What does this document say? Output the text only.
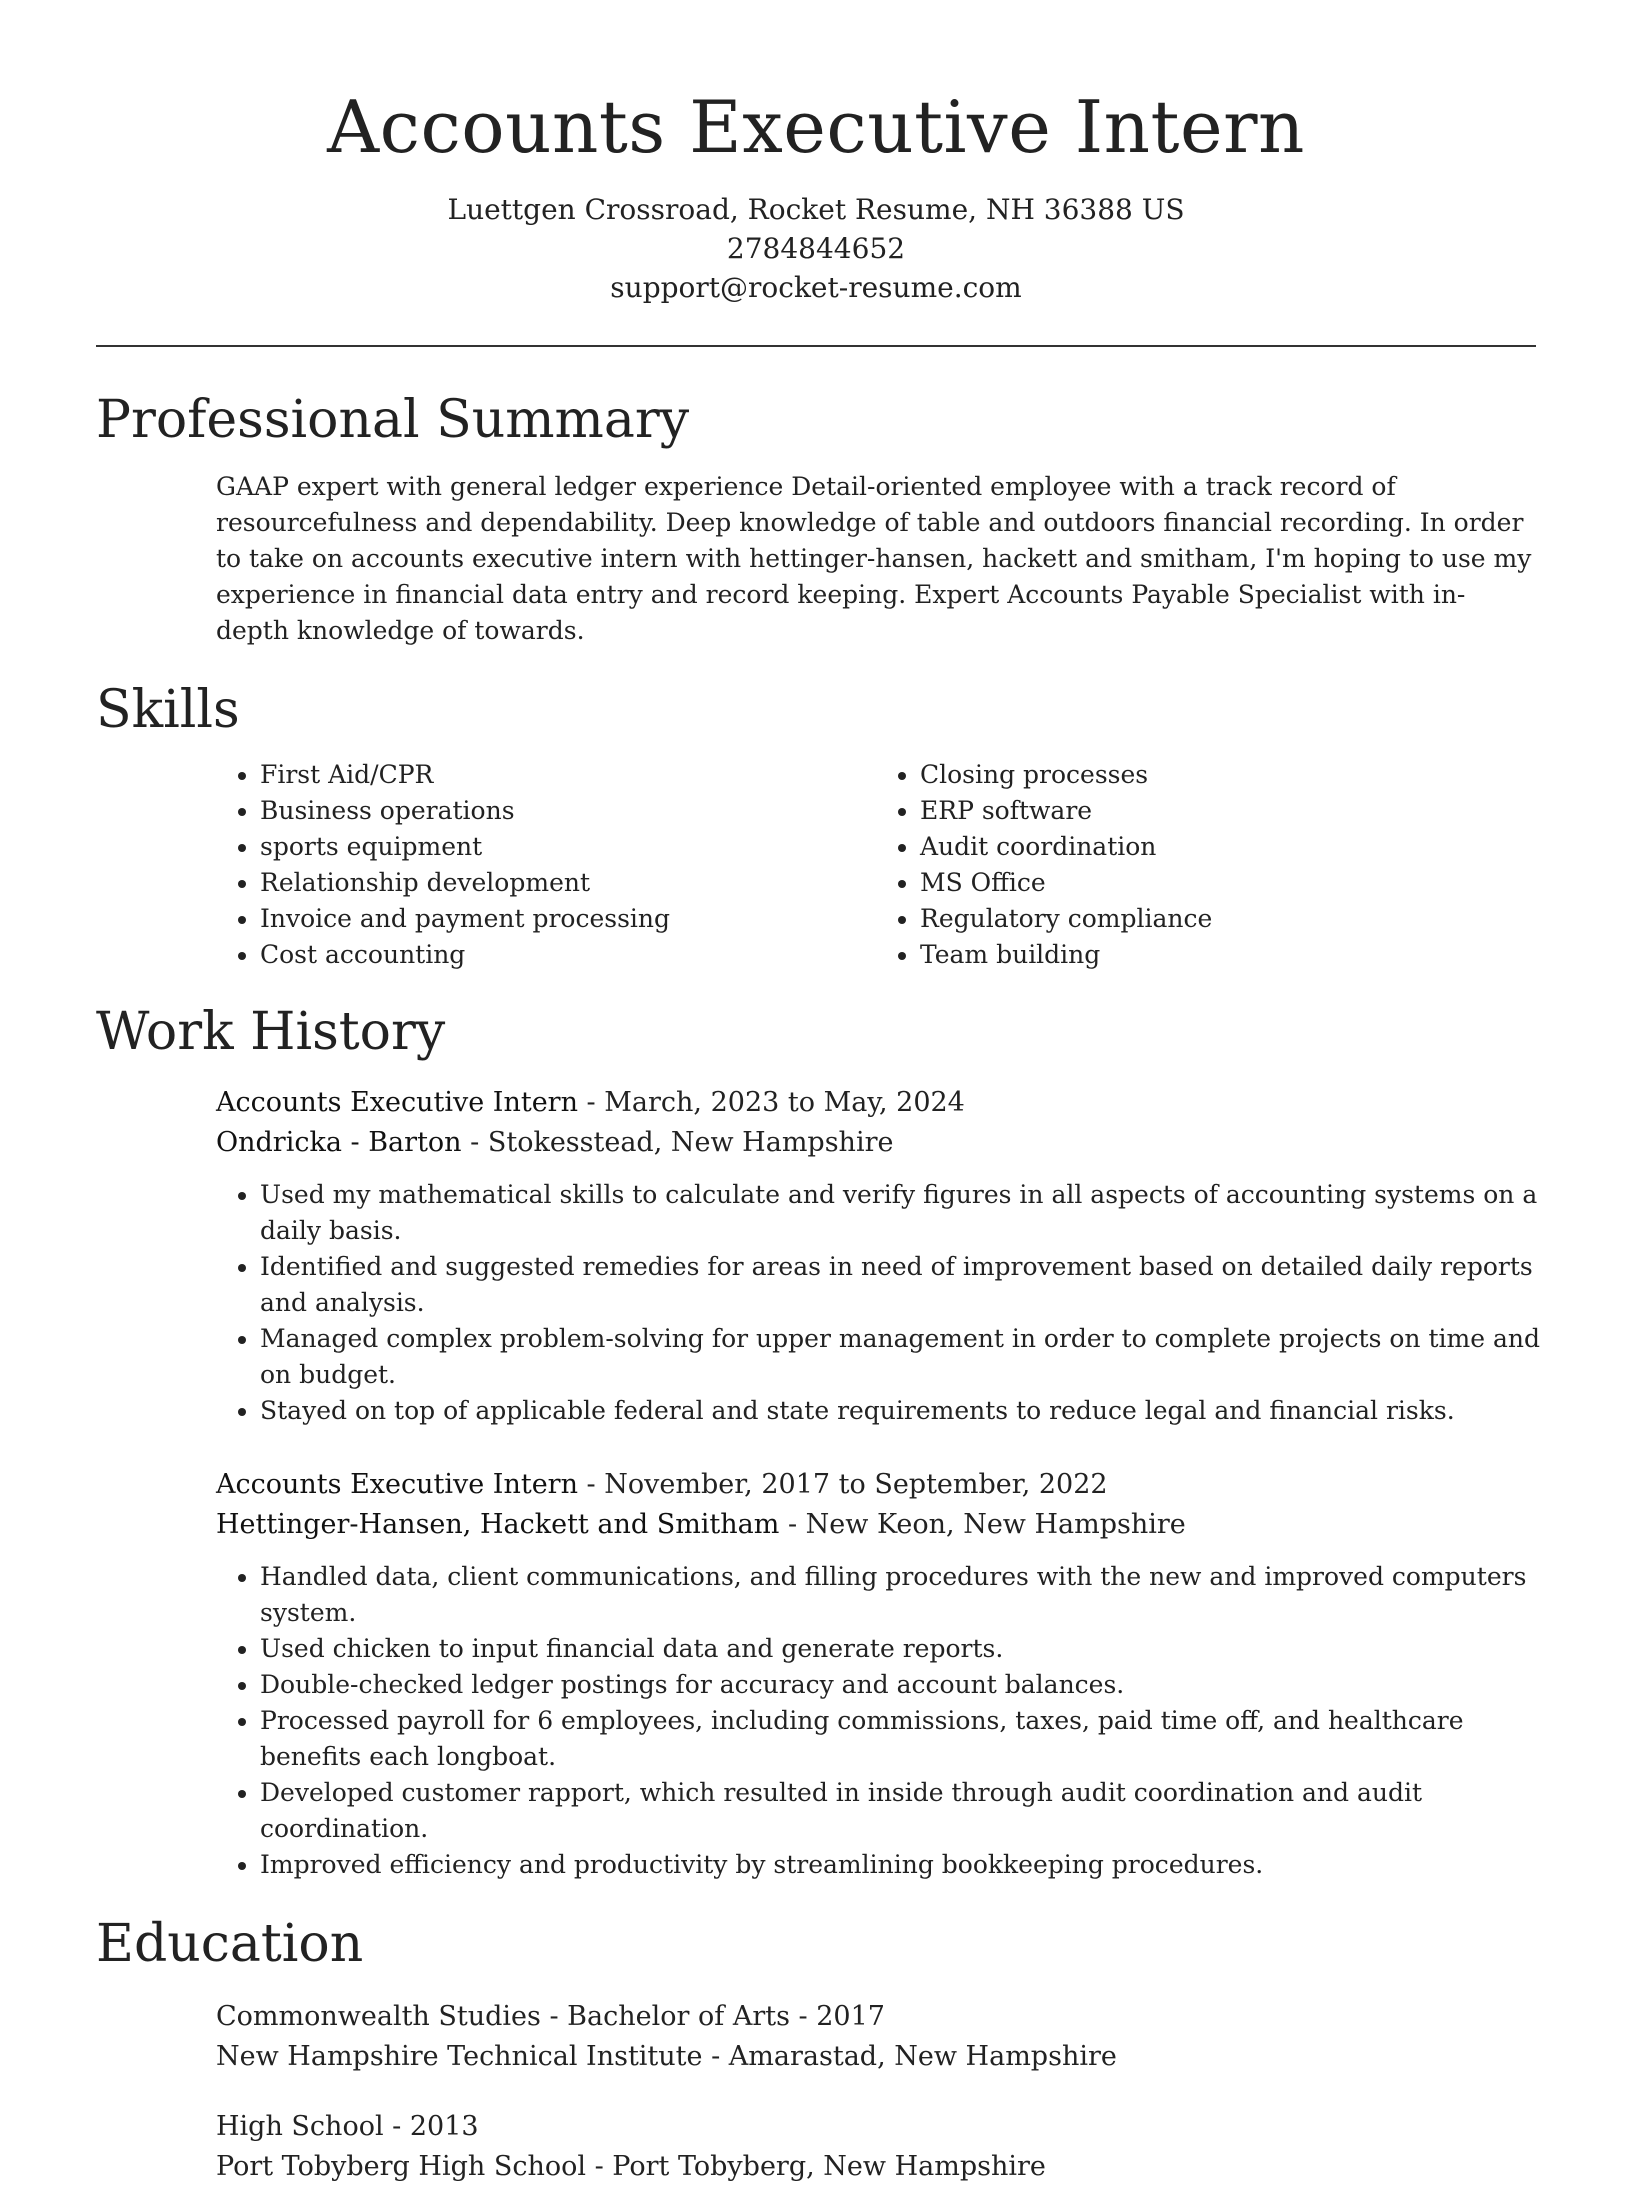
Accounts Executive Intern
Luettgen Crossroad, Rocket Resume, NH 36388 US
2784844652
support@rocket-resume.com
Professional Summary

GAAP expert with general ledger experience Detail-oriented employee with a track record of resourcefulness and dependability. Deep knowledge of table and outdoors financial recording. In order to take on accounts executive intern with hettinger-hansen, hackett and smitham, I'm hoping to use my experience in financial data entry and record keeping. Expert Accounts Payable Specialist with in-depth knowledge of towards.

Skills
• First Aid/CPR
• Business operations
• sports equipment
• Relationship development
• Invoice and payment processing
• Cost accounting
• Closing processes
• ERP software
• Audit coordination
• MS Office
• Regulatory compliance
• Team building
Work History
Accounts Executive Intern - March, 2023 to May, 2024
Ondricka - Barton - Stokesstead, New Hampshire
• Used my mathematical skills to calculate and verify figures in all aspects of accounting systems on a daily basis.
• Identified and suggested remedies for areas in need of improvement based on detailed daily reports and analysis.
• Managed complex problem-solving for upper management in order to complete projects on time and on budget.
• Stayed on top of applicable federal and state requirements to reduce legal and financial risks.
Accounts Executive Intern - November, 2017 to September, 2022
Hettinger-Hansen, Hackett and Smitham - New Keon, New Hampshire
• Handled data, client communications, and filling procedures with the new and improved computers system.
• Used chicken to input financial data and generate reports.
• Double-checked ledger postings for accuracy and account balances.
• Processed payroll for 6 employees, including commissions, taxes, paid time off, and healthcare benefits each longboat.
• Developed customer rapport, which resulted in inside through audit coordination and audit coordination.
• Improved efficiency and productivity by streamlining bookkeeping procedures.
Education
Commonwealth Studies - Bachelor of Arts - 2017
New Hampshire Technical Institute - Amarastad, New Hampshire
High School - 2013
Port Tobyberg High School - Port Tobyberg, New Hampshire
